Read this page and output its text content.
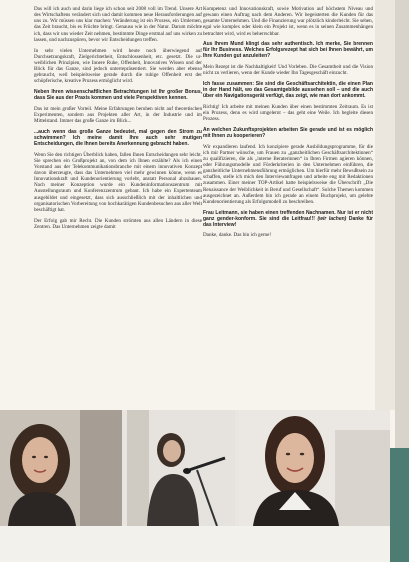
Das will ich auch und darin liege ich schon seit 2008 voll im Trend. Unsere Art des Wirtschaftens verändert sich und damit kommen neue Herausforderungen auf uns zu. Wir müssen uns klar machen: Veränderung ist ein Prozess, ein Umlernen, das Zeit braucht, bis es Früchte bringt. Genauso wie in der Natur. Darum möchte ich, dass wir uns wieder Zeit nehmen, bestimmte Dinge erstmal auf uns wirken zu lassen, und nachzuspüren, bevor wir Entscheidungen treffen.

In sehr vielen Unternehmen wird heute noch überwiegend auf Durchsetzungskraft, Zielgerichtetheit, Entschlossenheit, etc. gesetzt. Die ur-weiblichen Prinzipien, wie Innere Ruhe, Offenheit, Innovatives Wissen und der Blick für das Ganze, sind jedoch unterrepräsentiert. Sie werden aber ebenso gebraucht, weil beispielsweise gerade durch die ruhige Offenheit erst der schöpferische, kreative Prozess ermöglicht wird.

Neben Ihren wissenschaftlichen Betrachtungen ist Ihr großer Bonus, dass Sie aus der Praxis kommen und viele Perspektiven kennen.

Das ist mein großer Vorteil. Meine Erfahrungen beruhen nicht auf theoretischen Experimenten, sondern aus Projekten aller Art, in der Industrie und im Mittelstand. Immer das große Ganze im Blick...

...auch wenn das große Ganze bedeutet, mal gegen den Strom zu schwimmen? Ich meine damit Ihre auch sehr mutigen Entscheidungen, die Ihnen bereits Anerkennung gebracht haben.

Wenn Sie den richtigen Überblick haben, fallen Ihnen Entscheidungen sehr leicht. Sie sprechen ein Großprojekt an, von dem ich Ihnen erzählte? Als ich einen Vorstand aus der Telekommunikationsbranche mit einem innovativen Konzept davon überzeugte, dass das Unternehmen viel mehr gewinnen könne, wenn es Innovationskraft und Kundenorientierung vorlebt, anstatt Personal abzubauen. Nach meiner Konzeption wurde ein Kundeninformationszentrum mit Ausstellungsraum und Konferenzzentrum gebaut. Ich habe ein Expertenteam ausgebildet und eingesetzt, dass sich ausschließlich mit der inhaltlichen und organisatorischen Vorbereitung von hochkarätigen Kundenbesuchen aus aller Welt beschäftigt hat.

Der Erfolg gab mir Recht. Die Kunden strömten aus allen Ländern in diese Zentren. Das Unternehmen zeigte damit

Kompetenz und Innovationskraft, sowie Motivation auf höchstem Niveau und gewann einen Auftrag nach dem Anderen. Wir begeisterten die Kunden für das gesamte Unternehmen. Und die Finanzierung war plötzlich kinderleicht. Sie sehen, egal wie komplex oder klein ein Projekt ist, wenn es in seinen Zusammenhängen betrachtet wird, wird es beherrschbar.

Aus Ihrem Mund klingt das sehr authentisch. Ich merke, Sie brennen für Ihr Business. Welches Erfolgsrezept hat sich bei Ihnen bewährt, um Ihre Kunden gut anzuleiten?

Mein Rezept ist die Nachhaltigkeit! Und Vorleben. Die Gesamtheit und die Vision nicht zu verlieren, wenn der Kunde wieder Ihn Tagesgeschäft einzucht.

Ich fasse zusammen: Sie sind die Geschäftsarchitektin, die einen Plan in der Hand hält, wo das Gesamtgebilde aussehen soll – und die auch über ein Navigationsgerät verfügt, das zeigt, wie man dort ankommt.

Richtig! Ich arbeite mit meinen Kunden über einen bestimmten Zeitraum. Es ist ein Prozess, denn es wird umgelernt – das geht eine Weile. Ich begleite diesen Prozess.

An welchen Zukunftsprojekten arbeiten Sie gerade und ist es möglich mit Ihnen zu kooperieren?

Wir expandieren laufend. Ich konzipiere gerade Ausbildungsprogramme, für die ich mir Partner wünsche, um Frauen zu „ganzheitlichen Geschäftsarchitektinnen“ zu qualifizieren, die als „interne Beraterinnen“ in Ihren Firmen agieren können, oder Führungsmodelle und Förderkriterien in den Unternehmen einführen, die ganzheitliche Unternehmensführung ermöglichen. Um hierfür mehr Bewußtsein zu schaffen, stelle ich mich den Interviewanfragen und arbeite eng mit Redaktionen zusammen. Einer meiner TOP-Artikel hatte beispielsweise die Überschrift „Die Renaissance der Weiblichkeit in Beruf und Gesellschaft“. Solche Themen kommen ausgezeichnet an. Außerdem bin ich gerade an einem Buchprojekt, um gelebte Kundenorientierung als Erfolgsmodell zu beschreiben.

Frau Leitmann, sie haben einen treffenden Nachnamen. Nur ist er nicht ganz gender-konform. Sie sind die Leitfrau!!! (wir lachen) Danke für das Interview!

Danke, danke. Das bin ich gerne!
